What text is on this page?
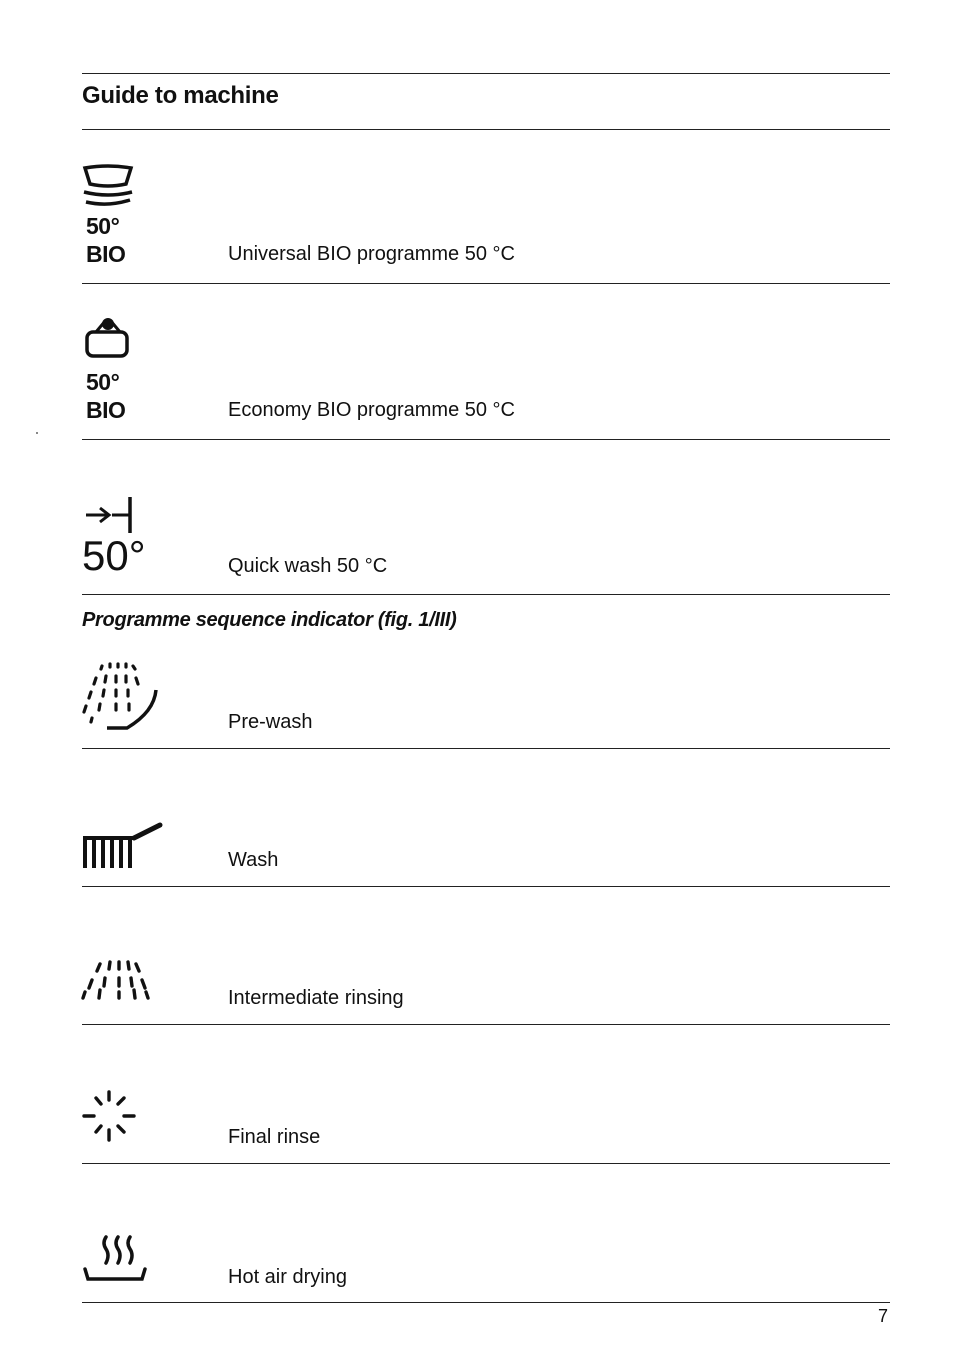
Guide to machine
50°
BIO	Universal BIO programme 50 °C
50°
BIO	Economy BIO programme 50 °C
50°	Quick wash 50 °C
Programme sequence indicator (fig. 1/III)
Pre-wash
Wash
Intermediate rinsing
Final rinse
Hot air drying
7
